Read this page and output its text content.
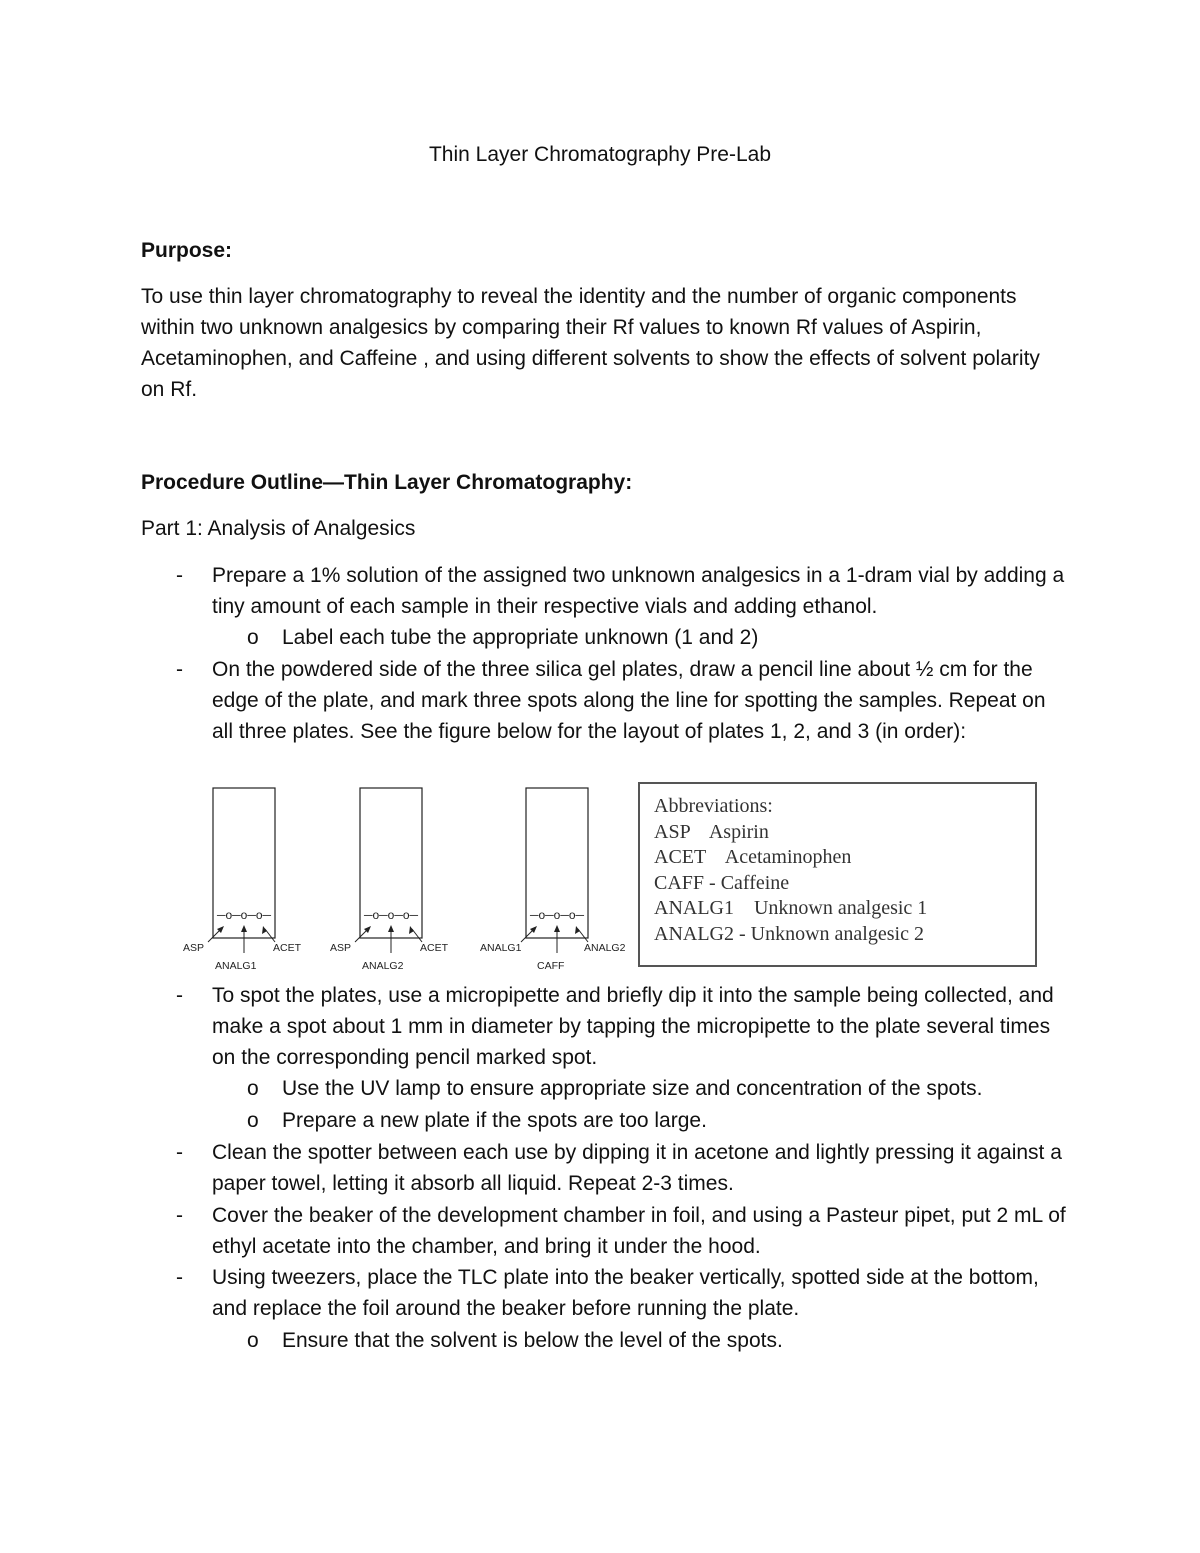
Thin Layer Chromatography Pre-Lab
Purpose:
To use thin layer chromatography to reveal the identity and the number of organic components within two unknown analgesics by comparing their Rf values to known Rf values of Aspirin, Acetaminophen, and Caffeine , and using different solvents to show the effects of solvent polarity on Rf.
Procedure Outline—Thin Layer Chromatography:
Part 1: Analysis of Analgesics
- Prepare a 1% solution of the assigned two unknown analgesics in a 1-dram vial by adding a tiny amount of each sample in their respective vials and adding ethanol.
o Label each tube the appropriate unknown (1 and 2)
- On the powdered side of the three silica gel plates, draw a pencil line about ½ cm for the edge of the plate, and mark three spots along the line for spotting the samples. Repeat on all three plates. See the figure below for the layout of plates 1, 2, and 3 (in order):
─o─o─o─
ASP	ACET
ANALG1
─o─o─o─
ASP	ACET
ANALG2
─o─o─o─
ANALG1	ANALG2
CAFF
Abbreviations:
ASP    Aspirin
ACET    Acetaminophen
CAFF - Caffeine
ANALG1    Unknown analgesic 1
ANALG2 - Unknown analgesic 2
- To spot the plates, use a micropipette and briefly dip it into the sample being collected, and make a spot about 1 mm in diameter by tapping the micropipette to the plate several times on the corresponding pencil marked spot.
o Use the UV lamp to ensure appropriate size and concentration of the spots.
o Prepare a new plate if the spots are too large.
- Clean the spotter between each use by dipping it in acetone and lightly pressing it against a paper towel, letting it absorb all liquid. Repeat 2-3 times.
- Cover the beaker of the development chamber in foil, and using a Pasteur pipet, put 2 mL of ethyl acetate into the chamber, and bring it under the hood.
- Using tweezers, place the TLC plate into the beaker vertically, spotted side at the bottom, and replace the foil around the beaker before running the plate.
o Ensure that the solvent is below the level of the spots.
